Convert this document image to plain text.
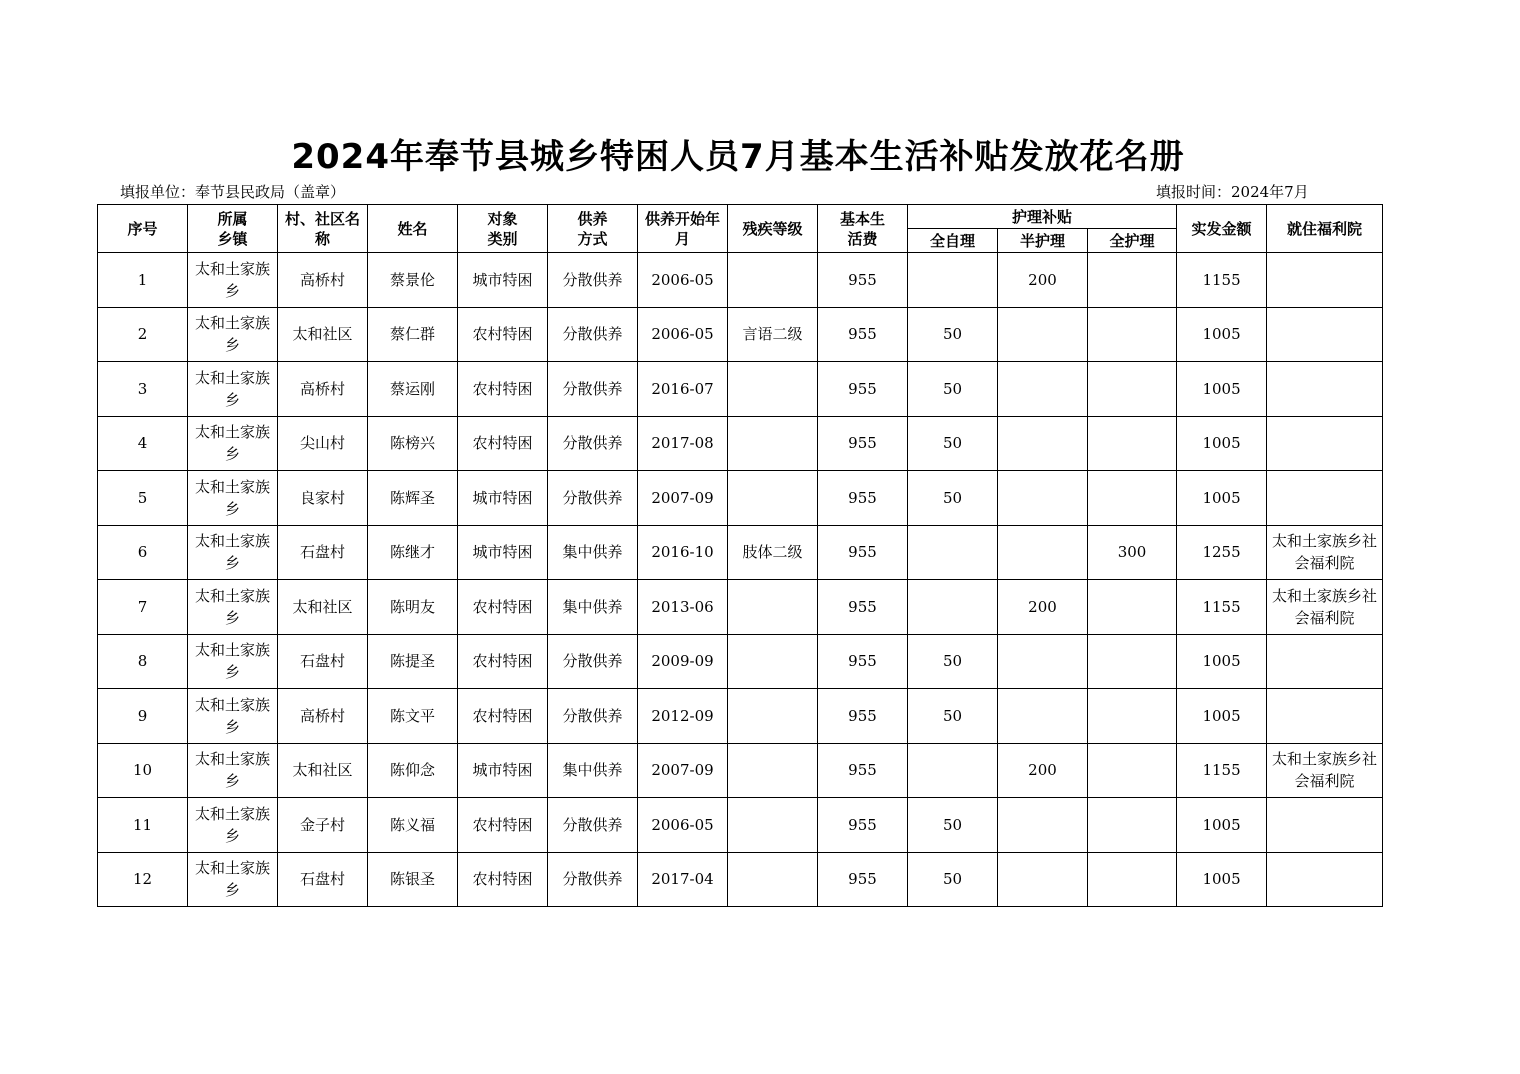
2024年奉节县城乡特困人员7月基本生活补贴发放花名册
填报单位：奉节县民政局（盖章）	填报时间：2024年7月
序号	所属乡镇	村、社区名称	姓名	对象类别	供养方式	供养开始年月	残疾等级	基本生活费	护理补贴			实发金额	就住福利院

									全自理	半护理	全护理		
1	太和土家族乡	高桥村	蔡景伦	城市特困	分散供养	2006-05		955		200		1155	

2	太和土家族乡	太和社区	蔡仁群	农村特困	分散供养	2006-05	言语二级	955	50			1005	

3	太和土家族乡	高桥村	蔡运刚	农村特困	分散供养	2016-07		955	50			1005	

4	太和土家族乡	尖山村	陈榜兴	农村特困	分散供养	2017-08		955	50			1005	

5	太和土家族乡	良家村	陈辉圣	城市特困	分散供养	2007-09		955	50			1005	

6	太和土家族乡	石盘村	陈继才	城市特困	集中供养	2016-10	肢体二级	955			300	1255	太和土家族乡社会福利院

7	太和土家族乡	太和社区	陈明友	农村特困	集中供养	2013-06		955		200		1155	太和土家族乡社会福利院

8	太和土家族乡	石盘村	陈提圣	农村特困	分散供养	2009-09		955	50			1005	

9	太和土家族乡	高桥村	陈文平	农村特困	分散供养	2012-09		955	50			1005	

10	太和土家族乡	太和社区	陈仰念	城市特困	集中供养	2007-09		955		200		1155	太和土家族乡社会福利院

11	太和土家族乡	金子村	陈义福	农村特困	分散供养	2006-05		955	50			1005	

12	太和土家族乡	石盘村	陈银圣	农村特困	分散供养	2017-04		955	50			1005	
